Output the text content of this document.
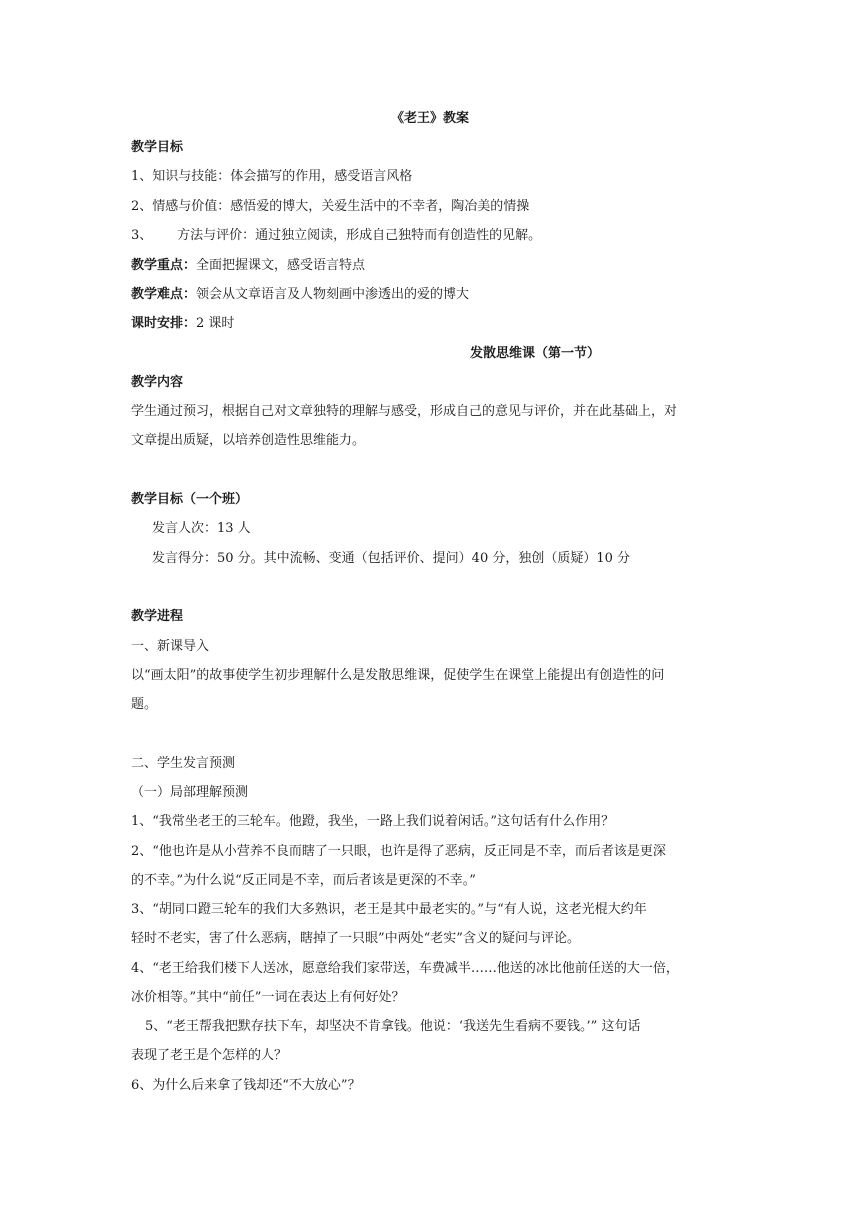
《老王》教案
教学目标
1、知识与技能：体会描写的作用，感受语言风格
2、情感与价值：感悟爱的博大，关爱生活中的不幸者，陶冶美的情操
3、      方法与评价：通过独立阅读，形成自己独特而有创造性的见解。
教学重点：全面把握课文，感受语言特点
教学难点：领会从文章语言及人物刻画中渗透出的爱的博大
课时安排：2 课时
发散思维课（第一节）
教学内容
学生通过预习，根据自己对文章独特的理解与感受，形成自己的意见与评价，并在此基础上，对
文章提出质疑，以培养创造性思维能力。
教学目标（一个班）
发言人次：13 人
发言得分：50 分。其中流畅、变通（包括评价、提问）40 分，独创（质疑）10 分
教学进程
一、新课导入
以“画太阳”的故事使学生初步理解什么是发散思维课，促使学生在课堂上能提出有创造性的问
题。
二、学生发言预测
（一）局部理解预测
1、“我常坐老王的三轮车。他蹬，我坐，一路上我们说着闲话。”这句话有什么作用？
2、“他也许是从小营养不良而瞎了一只眼，也许是得了恶病，反正同是不幸，而后者该是更深
的不幸。”为什么说“反正同是不幸，而后者该是更深的不幸。”
3、“胡同口蹬三轮车的我们大多熟识，老王是其中最老实的。”与“有人说，这老光棍大约年
轻时不老实，害了什么恶病，瞎掉了一只眼”中两处“老实”含义的疑问与评论。
4、“老王给我们楼下人送冰，愿意给我们家带送，车费减半……他送的冰比他前任送的大一倍，
冰价相等。”其中“前任”一词在表达上有何好处？
5、“老王帮我把默存扶下车，却坚决不肯拿钱。他说：‘我送先生看病不要钱。’” 这句话
表现了老王是个怎样的人？
6、为什么后来拿了钱却还“不大放心”？
